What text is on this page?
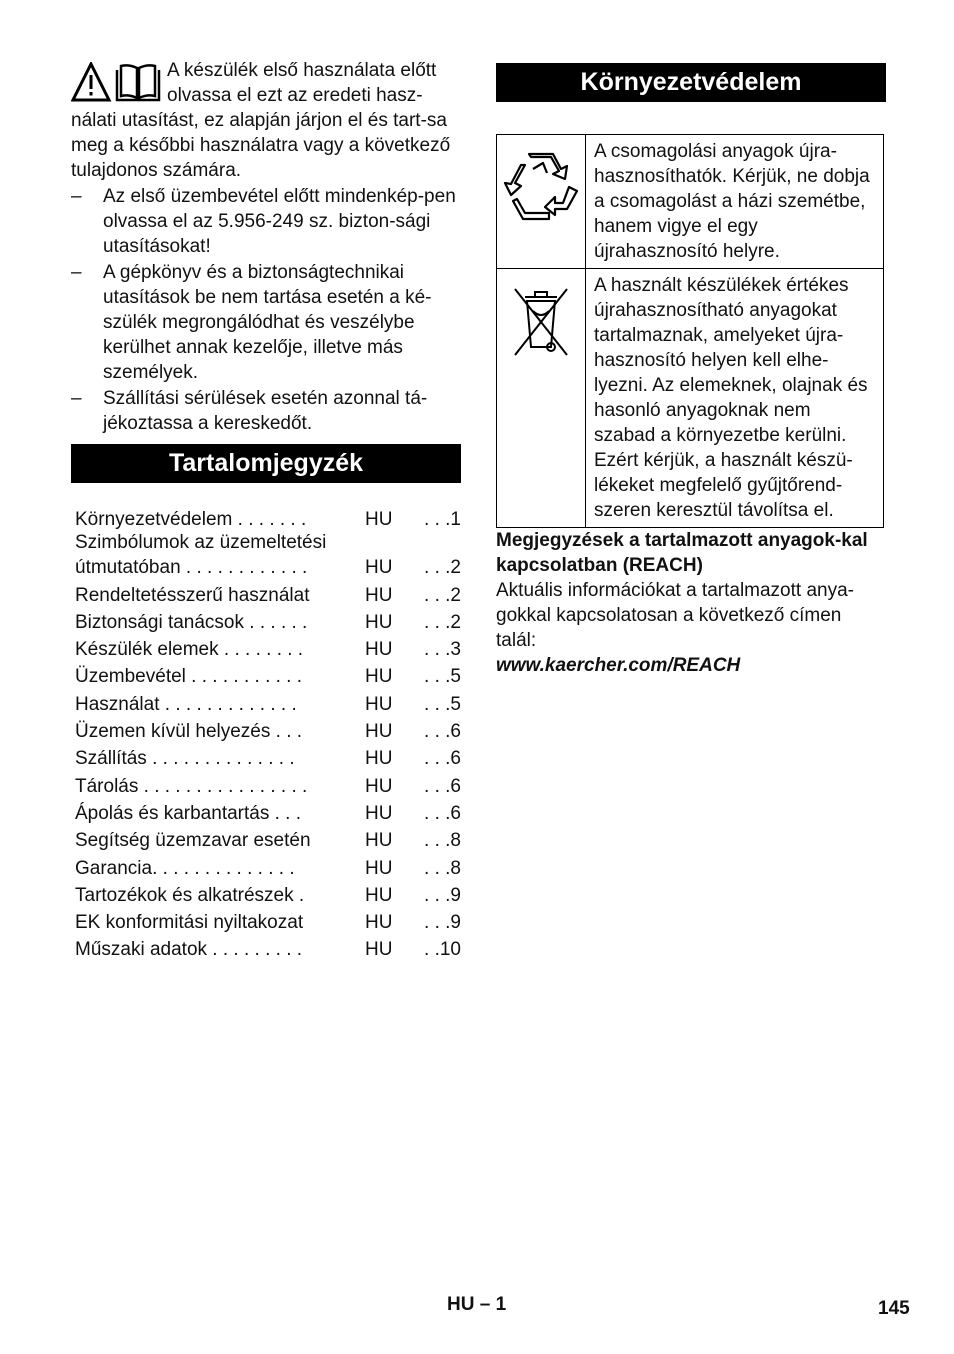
A készülék első használata előtt olvassa el ezt az eredeti hasz-nálati utasítást, ez alapján járjon el és tart-sa meg a későbbi használatra vagy a következő tulajdonos számára.
– Az első üzembevétel előtt mindenkép-pen olvassa el az 5.956-249 sz. bizton-sági utasításokat!
– A gépkönyv és a biztonságtechnikai utasítások be nem tartása esetén a ké-szülék megrongálódhat és veszélybe kerülhet annak kezelője, illetve más személyek.
– Szállítási sérülések esetén azonnal tá-jékoztassa a kereskedőt.
Tartalomjegyzék
Környezetvédelem . . . . . . .	HU	. . .1
Szimbólumok az üzemeltetési
útmutatóban . . . . . . . . . . . .	HU	. . .2
Rendeltetésszerű használat	HU	. . .2
Biztonsági tanácsok . . . . . .	HU	. . .2
Készülék elemek . . . . . . . .	HU	. . .3
Üzembevétel . . . . . . . . . . .	HU	. . .5
Használat . . . . . . . . . . . . .	HU	. . .5
Üzemen kívül helyezés . . .	HU	. . .6
Szállítás . . . . . . . . . . . . . .	HU	. . .6
Tárolás . . . . . . . . . . . . . . . .	HU	. . .6
Ápolás és karbantartás . . .	HU	. . .6
Segítség üzemzavar esetén	HU	. . .8
Garancia. . . . . . . . . . . . . .	HU	. . .8
Tartozékok és alkatrészek .	HU	. . .9
EK konformitási nyiltakozat	HU	. . .9
Műszaki adatok . . . . . . . . .	HU	. .10
Környezetvédelem
	A csomagolási anyagok újra-hasznosíthatók. Kérjük, ne dobja a csomagolást a házi szemétbe, hanem vigye el egy újrahasznosító helyre.
	A használt készülékek értékes újrahasznosítható anyagokat tartalmaznak, amelyeket újra-hasznosító helyen kell elhe-lyezni. Az elemeknek, olajnak és hasonló anyagoknak nem szabad a környezetbe kerülni. Ezért kérjük, a használt készü-lékeket megfelelő gyűjtőrend-szeren keresztül távolítsa el.
Megjegyzések a tartalmazott anyagok-kal kapcsolatban (REACH)
Aktuális információkat a tartalmazott anya-gokkal kapcsolatosan a következő címen talál:
www.kaercher.com/REACH
HU – 1	145
